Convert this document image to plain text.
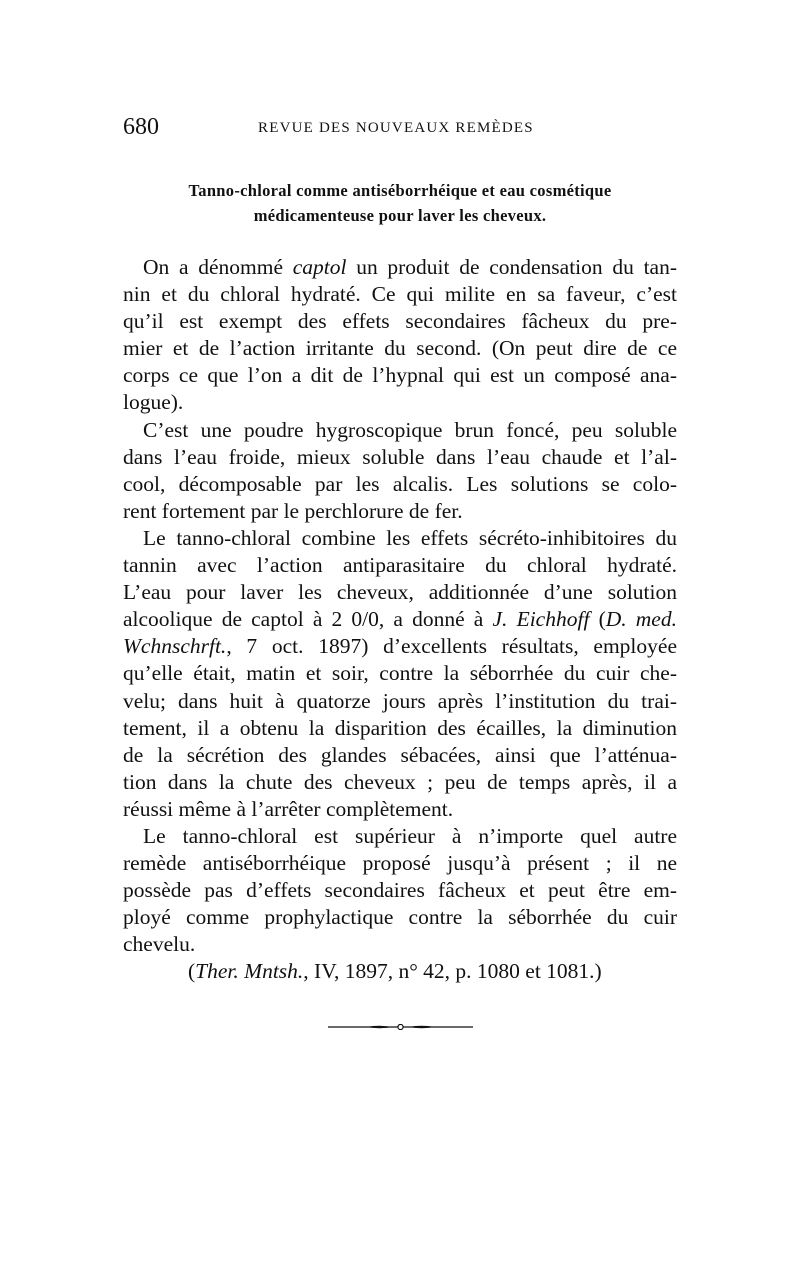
680	REVUE DES NOUVEAUX REMÈDES
Tanno-chloral comme antiséborrhéique et eau cosmétique
médicamenteuse pour laver les cheveux.
On a dénommé captol un produit de condensation du tan-
nin et du chloral hydraté. Ce qui milite en sa faveur, c’est
qu’il est exempt des effets secondaires fâcheux du pre-
mier et de l’action irritante du second. (On peut dire de ce
corps ce que l’on a dit de l’hypnal qui est un composé ana-
logue).
C’est une poudre hygroscopique brun foncé, peu soluble
dans l’eau froide, mieux soluble dans l’eau chaude et l’al-
cool, décomposable par les alcalis. Les solutions se colo-
rent fortement par le perchlorure de fer.
Le tanno-chloral combine les effets sécréto-inhibitoires du
tannin avec l’action antiparasitaire du chloral hydraté.
L’eau pour laver les cheveux, additionnée d’une solution
alcoolique de captol à 2 0/0, a donné à J. Eichhoff (D. med.
Wchnschrft., 7 oct. 1897) d’excellents résultats, employée
qu’elle était, matin et soir, contre la séborrhée du cuir che-
velu; dans huit à quatorze jours après l’institution du trai-
tement, il a obtenu la disparition des écailles, la diminution
de la sécrétion des glandes sébacées, ainsi que l’atténua-
tion dans la chute des cheveux ; peu de temps après, il a
réussi même à l’arrêter complètement.
Le tanno-chloral est supérieur à n’importe quel autre
remède antiséborrhéique proposé jusqu’à présent ; il ne
possède pas d’effets secondaires fâcheux et peut être em-
ployé comme prophylactique contre la séborrhée du cuir
chevelu.
(Ther. Mntsh., IV, 1897, n° 42, p. 1080 et 1081.)
